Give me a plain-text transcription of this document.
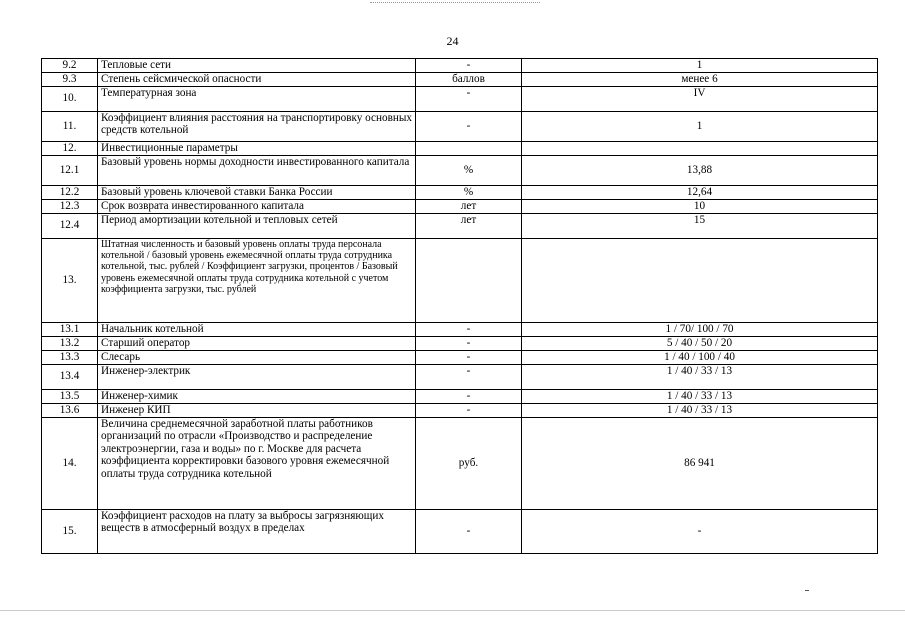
24
9.2	Тепловые сети	-	1
9.3	Степень сейсмической опасности	баллов	менее 6
10.	Температурная зона	-	IV
11.	Коэффициент влияния расстояния на транспортировку основных средств котельной	-	1
12.	Инвестиционные параметры		
12.1	Базовый уровень нормы доходности инвестированного капитала	%	13,88
12.2	Базовый уровень ключевой ставки Банка России	%	12,64
12.3	Срок возврата инвестированного капитала	лет	10
12.4	Период амортизации котельной и тепловых сетей	лет	15
13.	Штатная численность и базовый уровень оплаты труда персонала котельной / базовый уровень ежемесячной оплаты труда сотрудника котельной, тыс. рублей / Коэффициент загрузки, процентов / Базовый уровень ежемесячной оплаты труда сотрудника котельной с учетом коэффициента загрузки, тыс. рублей		
13.1	Начальник котельной	-	1 / 70/ 100 / 70
13.2	Старший оператор	-	5 / 40 / 50 / 20
13.3	Слесарь	-	1 / 40 / 100 / 40
13.4	Инженер-электрик	-	1 / 40 / 33 / 13
13.5	Инженер-химик	-	1 / 40 / 33 / 13
13.6	Инженер КИП	-	1 / 40 / 33 / 13
14.	Величина среднемесячной заработной платы работников организаций по отрасли «Производство и распределение электроэнергии, газа и воды» по г. Москве для расчета коэффициента корректировки базового уровня ежемесячной оплаты труда сотрудника котельной	руб.	86 941
15.	Коэффициент расходов на плату за выбросы загрязняющих
веществ в атмосферный воздух в пределах	-	-
